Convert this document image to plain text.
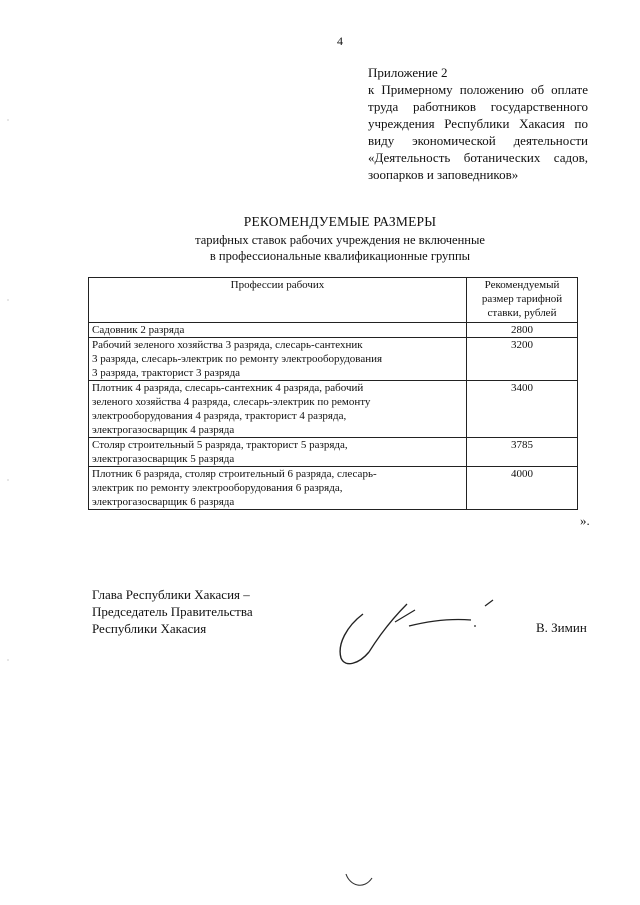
4
Приложение 2
к Примерному положению об оплате
труда работников государственного
учреждения Республики Хакасия по
виду экономической деятельности
«Деятельность ботанических садов,
зоопарков и заповедников»
РЕКОМЕНДУЕМЫЕ РАЗМЕРЫ
тарифных ставок рабочих учреждения не включенные
в профессиональные квалификационные группы
Профессии рабочих	Рекомендуемый
размер тарифной
ставки, рублей

Садовник 2 разряда	2800

Рабочий зеленого хозяйства 3 разряда, слесарь-сантехник
3 разряда, слесарь-электрик по ремонту электрооборудования
3 разряда, тракторист 3 разряда	3200

Плотник 4 разряда, слесарь-сантехник 4 разряда, рабочий
зеленого хозяйства 4 разряда, слесарь-электрик по ремонту
электрооборудования 4 разряда, тракторист 4 разряда,
электрогазосварщик 4 разряда	3400

Столяр строительный 5 разряда, тракторист 5 разряда,
электрогазосварщик 5 разряда	3785

Плотник 6 разряда, столяр строительный 6 разряда, слесарь-
электрик по ремонту электрооборудования 6 разряда,
электрогазосварщик 6 разряда	4000
».
Глава Республики Хакасия –
Председатель Правительства
Республики Хакасия	В. Зимин
